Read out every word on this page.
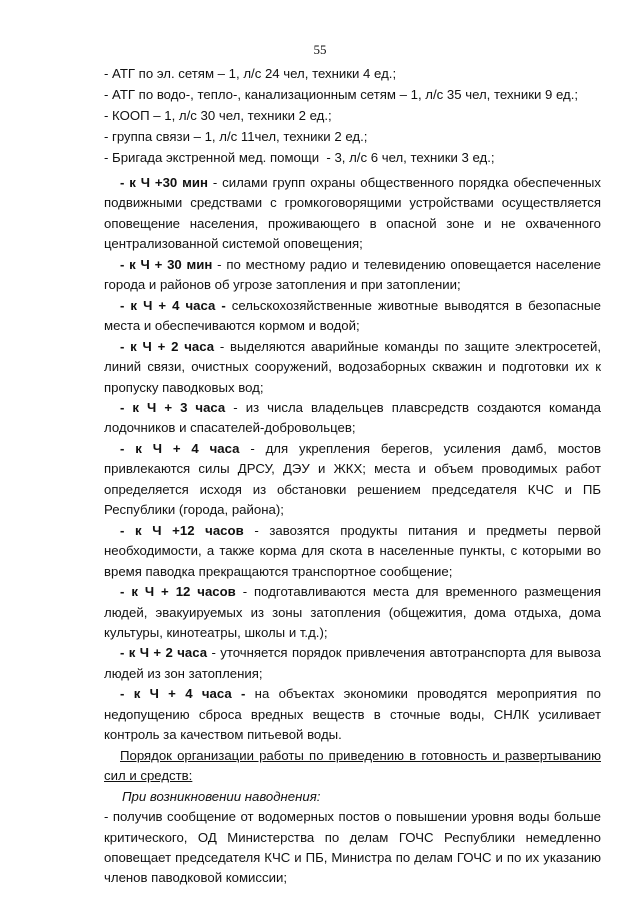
55
- АТГ по эл. сетям – 1, л/с 24 чел, техники 4 ед.;
- АТГ по водо-, тепло-, канализационным сетям – 1, л/с 35 чел, техники 9 ед.;
- КООП – 1, л/с 30 чел, техники 2 ед.;
- группа связи – 1, л/с 11чел, техники 2 ед.;
- Бригада экстренной мед. помощи  - 3, л/с 6 чел, техники 3 ед.;

- к Ч +30 мин - силами групп охраны общественного порядка обеспеченных подвижными средствами с громкоговорящими устройствами осуществляется оповещение населения, проживающего в опасной зоне и не охваченного централизованной системой оповещения;

- к Ч + 30 мин - по местному радио и телевидению оповещается население города и районов об угрозе затопления и при затоплении;

- к Ч + 4 часа - сельскохозяйственные животные выводятся в безопасные места и обеспечиваются кормом и водой;

- к Ч + 2 часа - выделяются аварийные команды по защите электросетей, линий связи, очистных сооружений, водозаборных скважин и подготовки их к пропуску паводковых вод;

- к Ч + 3 часа - из числа владельцев плавсредств создаются команда лодочников и спасателей-добровольцев;

- к Ч + 4 часа - для укрепления берегов, усиления дамб, мостов привлекаются силы ДРСУ, ДЭУ и ЖКХ; места и объем проводимых работ определяется исходя из обстановки решением председателя КЧС и ПБ Республики (города, района);

- к Ч +12 часов - завозятся продукты питания и предметы первой необходимости, а также корма для скота в населенные пункты, с которыми во время паводка прекращаются транспортное сообщение;

- к Ч + 12 часов - подготавливаются места для временного размещения людей, эвакуируемых из зоны затопления (общежития, дома отдыха, дома культуры, кинотеатры, школы и т.д.);

- к Ч + 2 часа - уточняется порядок привлечения автотранспорта для вывоза людей из зон затопления;

- к Ч + 4 часа - на объектах экономики проводятся мероприятия по недопущению сброса вредных веществ в сточные воды, СНЛК усиливает контроль за качеством питьевой воды.

Порядок организации работы по приведению в готовность и развертыванию сил и средств:

При возникновении наводнения:

- получив сообщение от водомерных постов о повышении уровня воды больше критического, ОД Министерства по делам ГОЧС Республики немедленно оповещает председателя КЧС и ПБ, Министра по делам ГОЧС и по их указанию членов паводковой комиссии;
